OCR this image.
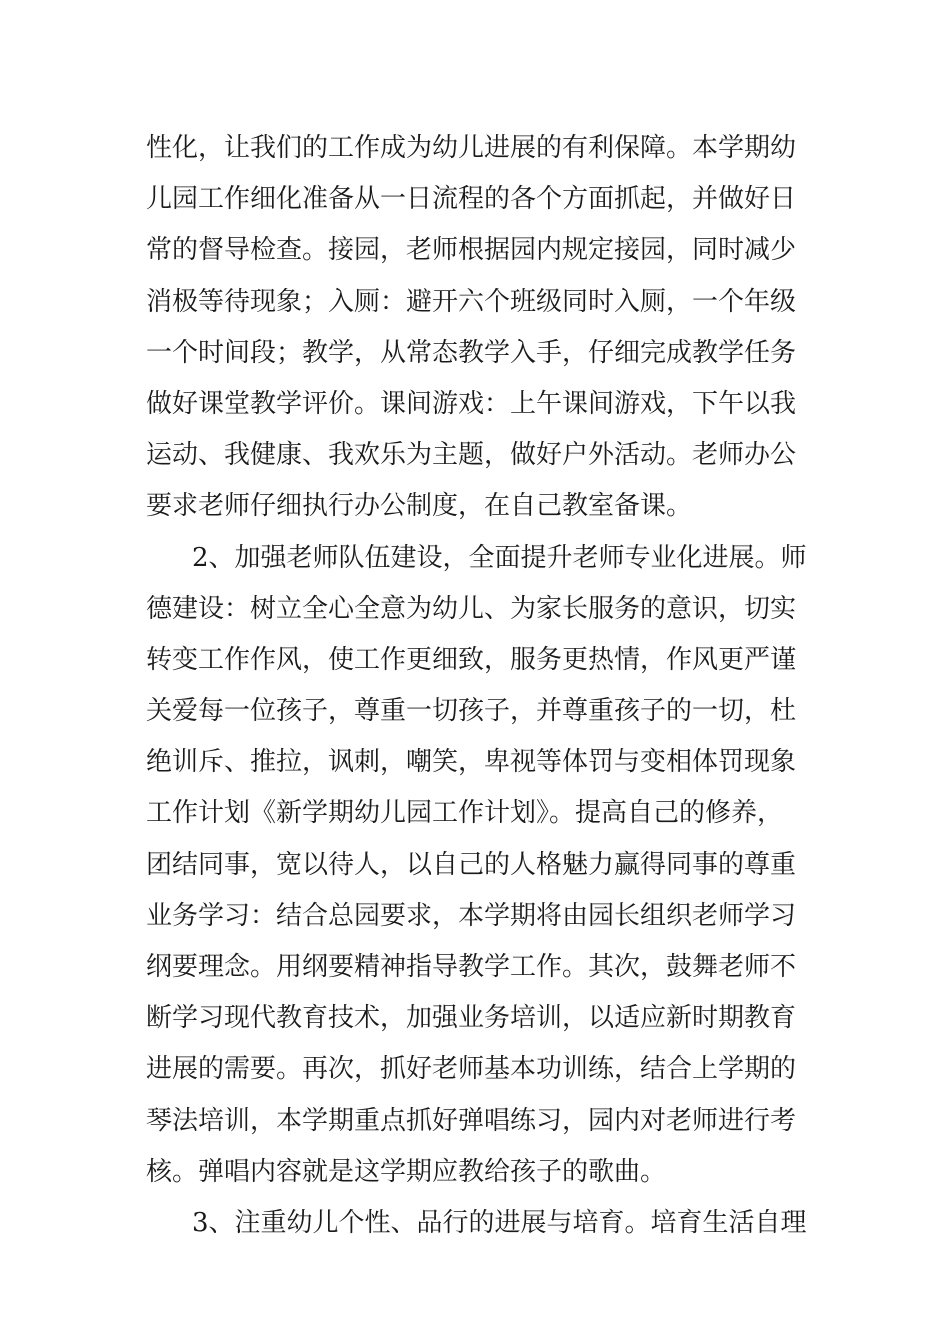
性化，让我们的工作成为幼儿进展的有利保障。本学期幼
儿园工作细化准备从一日流程的各个方面抓起，并做好日
常的督导检查。接园，老师根据园内规定接园，同时减少
消极等待现象；入厕：避开六个班级同时入厕，一个年级
一个时间段；教学，从常态教学入手，仔细完成教学任务
做好课堂教学评价。课间游戏：上午课间游戏，下午以我
运动、我健康、我欢乐为主题，做好户外活动。老师办公
要求老师仔细执行办公制度，在自己教室备课。
2、加强老师队伍建设，全面提升老师专业化进展。师
德建设：树立全心全意为幼儿、为家长服务的意识，切实
转变工作作风，使工作更细致，服务更热情，作风更严谨
关爱每一位孩子，尊重一切孩子，并尊重孩子的一切，杜
绝训斥、推拉，讽刺，嘲笑，卑视等体罚与变相体罚现象
工作计划《新学期幼儿园工作计划》。提高自己的修养，
团结同事，宽以待人，以自己的人格魅力赢得同事的尊重
业务学习：结合总园要求，本学期将由园长组织老师学习
纲要理念。用纲要精神指导教学工作。其次，鼓舞老师不
断学习现代教育技术，加强业务培训，以适应新时期教育
进展的需要。再次，抓好老师基本功训练，结合上学期的
琴法培训，本学期重点抓好弹唱练习，园内对老师进行考
核。弹唱内容就是这学期应教给孩子的歌曲。
3、注重幼儿个性、品行的进展与培育。培育生活自理
